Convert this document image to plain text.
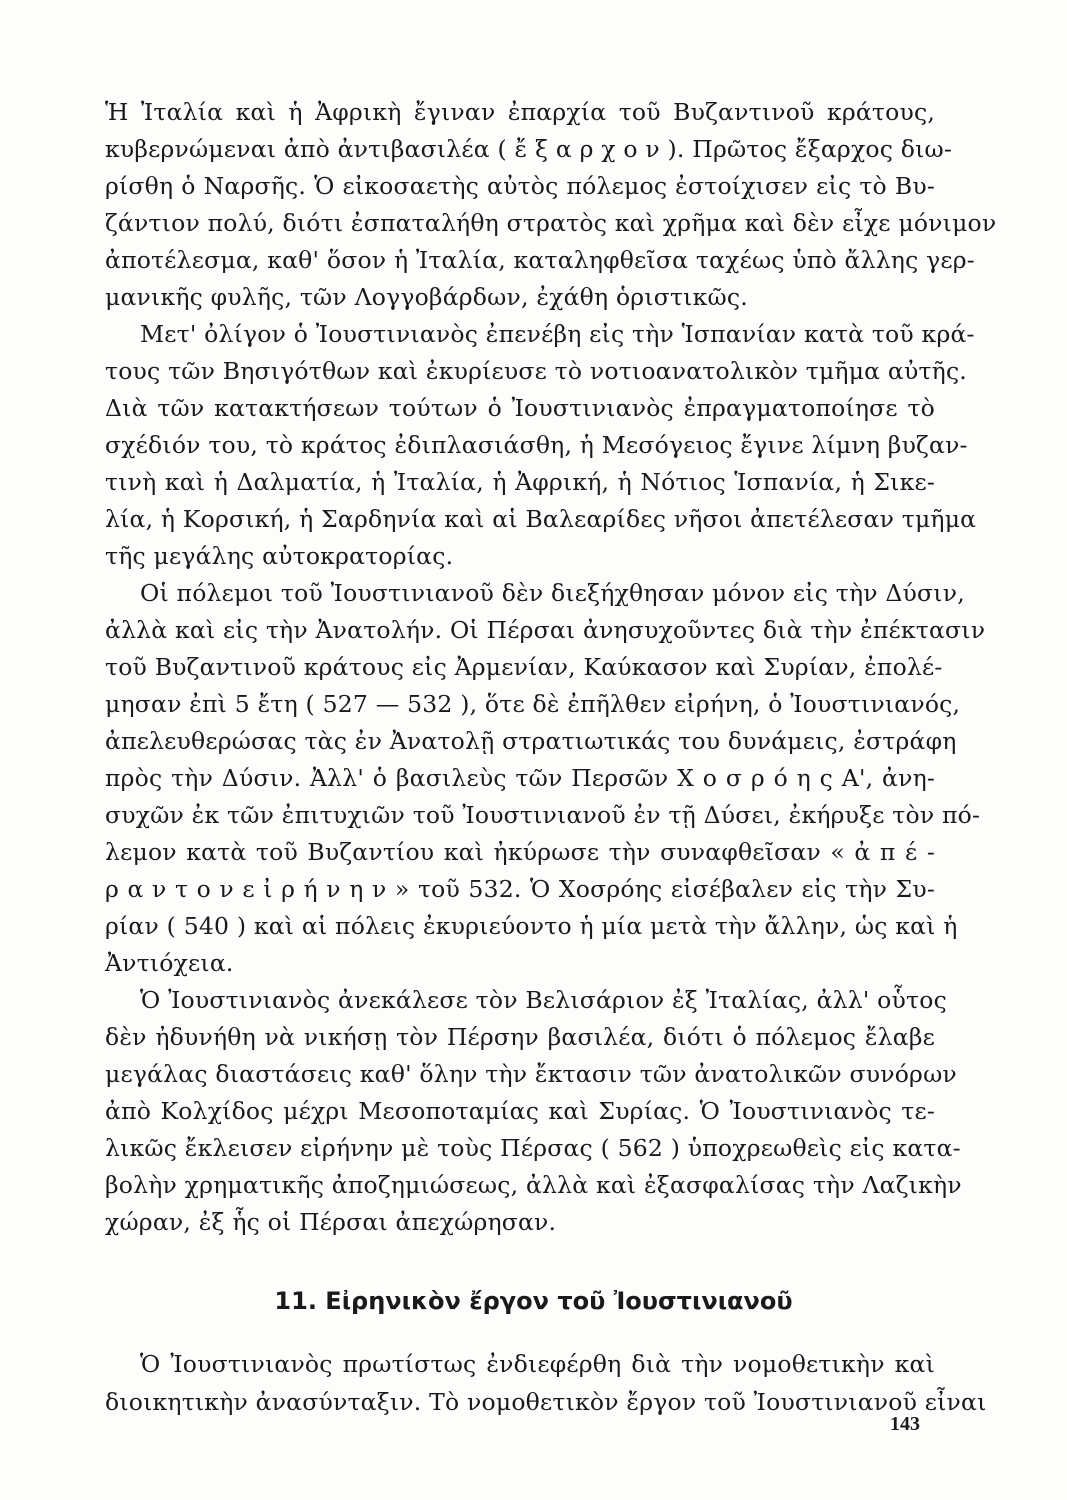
Ἡ Ἰταλία καὶ ἡ Ἀφρικὴ ἔγιναν ἐπαρχία τοῦ Βυζαντινοῦ κράτους,
κυβερνώμεναι ἀπὸ ἀντιβασιλέα ( ἔ ξ α ρ χ ο ν ). Πρῶτος ἔξαρχος διω-
ρίσθη ὁ Ναρσῆς. Ὁ εἰκοσαετὴς αὐτὸς πόλεμος ἐστοίχισεν εἰς τὸ Βυ-
ζάντιον πολύ, διότι ἐσπαταλήθη στρατὸς καὶ χρῆμα καὶ δὲν εἶχε μόνιμον
ἀποτέλεσμα, καθ' ὅσον ἡ Ἰταλία, καταληφθεῖσα ταχέως ὑπὸ ἄλλης γερ-
μανικῆς φυλῆς, τῶν Λογγοβάρδων, ἐχάθη ὁριστικῶς.
Μετ' ὀλίγον ὁ Ἰουστινιανὸς ἐπενέβη εἰς τὴν Ἱσπανίαν κατὰ τοῦ κρά-
τους τῶν Βησιγότθων καὶ ἐκυρίευσε τὸ νοτιοανατολικὸν τμῆμα αὐτῆς.
Διὰ τῶν κατακτήσεων τούτων ὁ Ἰουστινιανὸς ἐπραγματοποίησε τὸ
σχέδιόν του, τὸ κράτος ἐδιπλασιάσθη, ἡ Μεσόγειος ἔγινε λίμνη βυζαν-
τινὴ καὶ ἡ Δαλματία, ἡ Ἰταλία, ἡ Ἀφρική, ἡ Νότιος Ἱσπανία, ἡ Σικε-
λία, ἡ Κορσική, ἡ Σαρδηνία καὶ αἱ Βαλεαρίδες νῆσοι ἀπετέλεσαν τμῆμα
τῆς μεγάλης αὐτοκρατορίας.
Οἱ πόλεμοι τοῦ Ἰουστινιανοῦ δὲν διεξήχθησαν μόνον εἰς τὴν Δύσιν,
ἀλλὰ καὶ εἰς τὴν Ἀνατολήν. Οἱ Πέρσαι ἀνησυχοῦντες διὰ τὴν ἐπέκτασιν
τοῦ Βυζαντινοῦ κράτους εἰς Ἀρμενίαν, Καύκασον καὶ Συρίαν, ἐπολέ-
μησαν ἐπὶ 5 ἔτη ( 527 — 532 ), ὅτε δὲ ἐπῆλθεν εἰρήνη, ὁ Ἰουστινιανός,
ἀπελευθερώσας τὰς ἐν Ἀνατολῇ στρατιωτικάς του δυνάμεις, ἐστράφη
πρὸς τὴν Δύσιν. Ἀλλ' ὁ βασιλεὺς τῶν Περσῶν Χ ο σ ρ ό η ς Α', ἀνη-
συχῶν ἐκ τῶν ἐπιτυχιῶν τοῦ Ἰουστινιανοῦ ἐν τῇ Δύσει, ἐκήρυξε τὸν πό-
λεμον κατὰ τοῦ Βυζαντίου καὶ ἠκύρωσε τὴν συναφθεῖσαν « ἀ π έ -
ρ α ν τ ο ν ε ἰ ρ ή ν η ν » τοῦ 532. Ὁ Χοσρόης εἰσέβαλεν εἰς τὴν Συ-
ρίαν ( 540 ) καὶ αἱ πόλεις ἐκυριεύοντο ἡ μία μετὰ τὴν ἄλλην, ὡς καὶ ἡ
Ἀντιόχεια.
Ὁ Ἰουστινιανὸς ἀνεκάλεσε τὸν Βελισάριον ἐξ Ἰταλίας, ἀλλ' οὗτος
δὲν ἠδυνήθη νὰ νικήσῃ τὸν Πέρσην βασιλέα, διότι ὁ πόλεμος ἔλαβε
μεγάλας διαστάσεις καθ' ὅλην τὴν ἔκτασιν τῶν ἀνατολικῶν συνόρων
ἀπὸ Κολχίδος μέχρι Μεσοποταμίας καὶ Συρίας. Ὁ Ἰουστινιανὸς τε-
λικῶς ἔκλεισεν εἰρήνην μὲ τοὺς Πέρσας ( 562 ) ὑποχρεωθεὶς εἰς κατα-
βολὴν χρηματικῆς ἀποζημιώσεως, ἀλλὰ καὶ ἐξασφαλίσας τὴν Λαζικὴν
χώραν, ἐξ ἧς οἱ Πέρσαι ἀπεχώρησαν.
11. Εἰρηνικὸν ἔργον τοῦ Ἰουστινιανοῦ
Ὁ Ἰουστινιανὸς πρωτίστως ἐνδιεφέρθη διὰ τὴν νομοθετικὴν καὶ
διοικητικὴν ἀνασύνταξιν. Τὸ νομοθετικὸν ἔργον τοῦ Ἰουστινιανοῦ εἶναι
143
